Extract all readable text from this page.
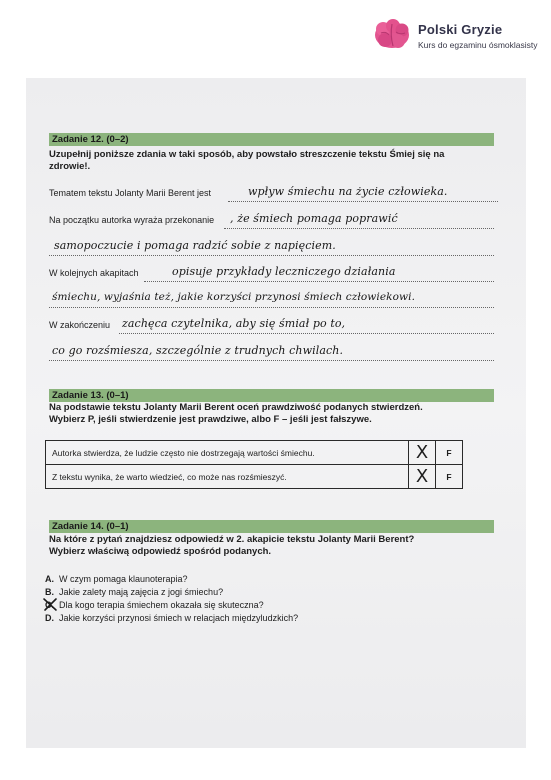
Polski Gryzie
Kurs do egzaminu ósmoklasisty
Zadanie 12. (0–2)
Uzupełnij poniższe zdania w taki sposób, aby powstało streszczenie tekstu Śmiej się na zdrowie!.
Tematem tekstu Jolanty Marii Berent jest	wpływ śmiechu na życie człowieka.
Na początku autorka wyraża przekonanie , że śmiech pomaga poprawić
samopoczucie i pomaga radzić sobie z napięciem.
W kolejnych akapitach	opisuje przykłady leczniczego działania
śmiechu, wyjaśnia też, jakie korzyści przynosi śmiech człowiekowi.
W zakończeniu zachęca czytelnika, aby się śmiał po to,
co go rozśmiesza, szczególnie z trudnych chwilach.
Zadanie 13. (0–1)
Na podstawie tekstu Jolanty Marii Berent oceń prawdziwość podanych stwierdzeń.
Wybierz P, jeśli stwierdzenie jest prawdziwe, albo F – jeśli jest fałszywe.
Autorka stwierdza, że ludzie często nie dostrzegają wartości śmiechu.	X	F
Z tekstu wynika, że warto wiedzieć, co może nas rozśmieszyć.	X	F
Zadanie 14. (0–1)
Na które z pytań znajdziesz odpowiedź w 2. akapicie tekstu Jolanty Marii Berent?
Wybierz właściwą odpowiedź spośród podanych.
A. W czym pomaga klaunoterapia?
B. Jakie zalety mają zajęcia z jogi śmiechu?
C. Dla kogo terapia śmiechem okazała się skuteczna?
D. Jakie korzyści przynosi śmiech w relacjach międzyludzkich?
